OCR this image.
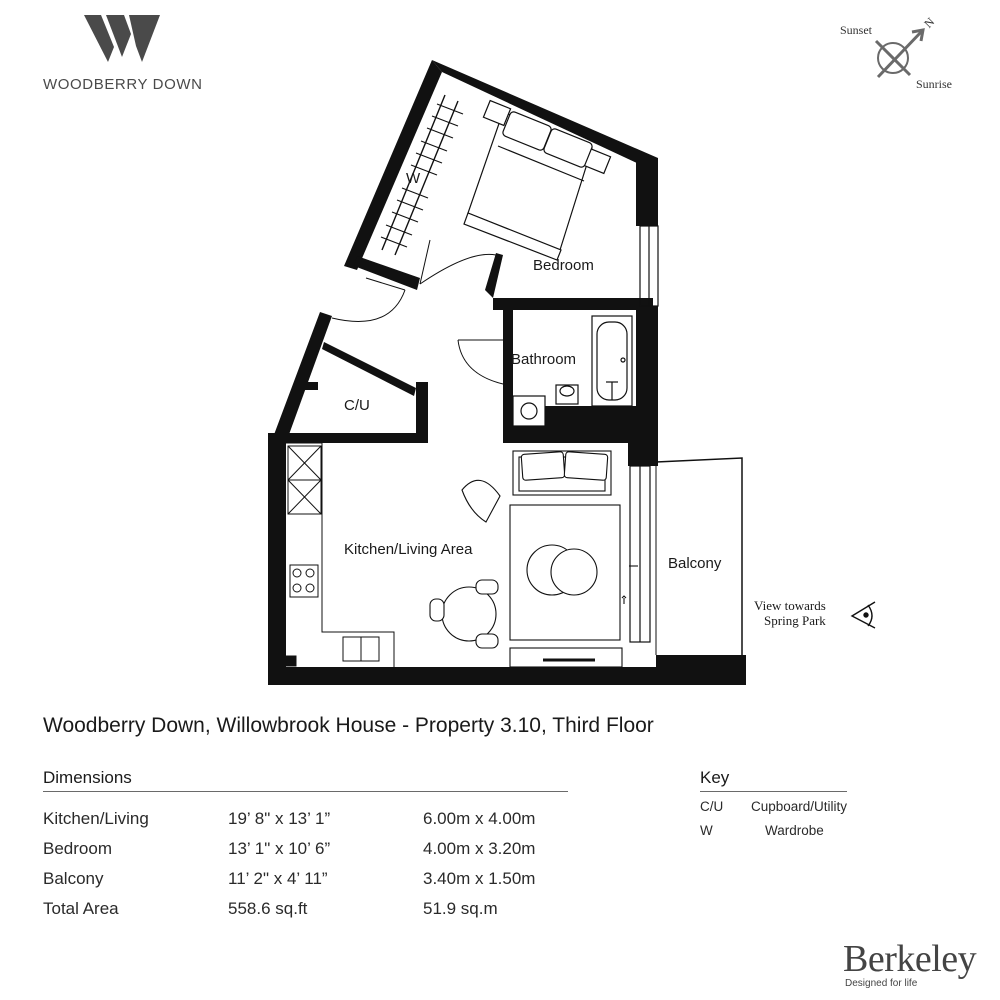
WOODBERRY DOWN
Sunset	N
Sunrise
W
Bedroom
Bathroom
C/U
Kitchen/Living Area
Balcony
View towards
Spring Park
Woodberry Down, Willowbrook House - Property 3.10, Third Floor
Dimensions
Kitchen/Living	19’ 8" x 13’ 1”	6.00m x 4.00m
Bedroom	13’ 1" x 10’ 6”	4.00m x 3.20m
Balcony	11’ 2" x 4’ 11”	3.40m x 1.50m
Total Area	558.6 sq.ft	51.9 sq.m
Key
C/U	Cupboard/Utility
W	Wardrobe
Berkeley
Designed for life
